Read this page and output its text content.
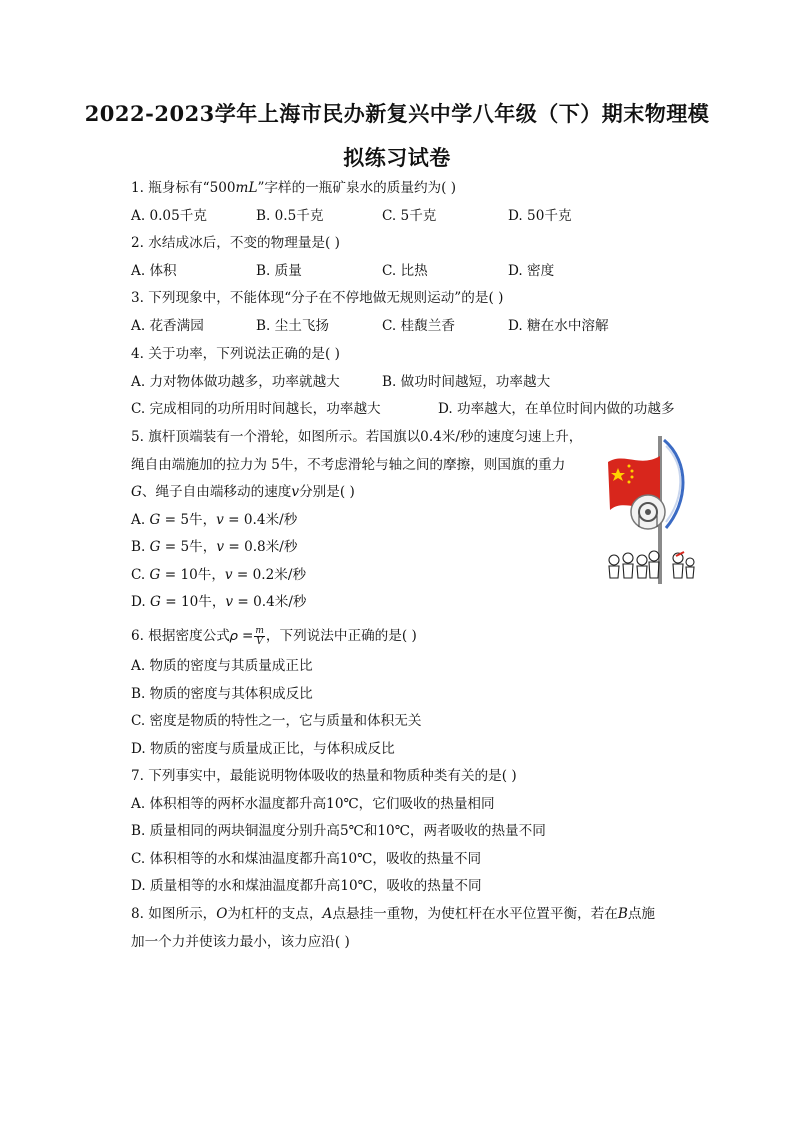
2022-2023学年上海市民办新复兴中学八年级（下）期末物理模
拟练习试卷
1. 瓶身标有“500𝑚𝐿”字样的一瓶矿泉水的质量约为( )
A. 0.05千克	B. 0.5千克	C. 5千克	D. 50千克
2. 水结成冰后，不变的物理量是( )
A. 体积	B. 质量	C. 比热	D. 密度
3. 下列现象中，不能体现“分子在不停地做无规则运动”的是( )
A. 花香满园	B. 尘土飞扬	C. 桂馥兰香	D. 糖在水中溶解
4. 关于功率，下列说法正确的是( )
A. 力对物体做功越多，功率就越大	B. 做功时间越短，功率越大
C. 完成相同的功所用时间越长，功率越大	D. 功率越大，在单位时间内做的功越多
5. 旗杆顶端装有一个滑轮，如图所示。若国旗以0.4米/秒的速度匀速上升，
绳自由端施加的拉力为 5牛，不考虑滑轮与轴之间的摩擦，则国旗的重力
𝐺、绳子自由端移动的速度𝑣分别是( )
A. 𝐺 = 5牛，𝑣 = 0.4米/秒
B. 𝐺 = 5牛，𝑣 = 0.8米/秒
C. 𝐺 = 10牛，𝑣 = 0.2米/秒
D. 𝐺 = 10牛，𝑣 = 0.4米/秒
6. 根据密度公式𝜌 = $\frac{\text{𝑚}}{\text{𝑉}}$ ，下列说法中正确的是( )
A. 物质的密度与其质量成正比
B. 物质的密度与其体积成反比
C. 密度是物质的特性之一，它与质量和体积无关
D. 物质的密度与质量成正比，与体积成反比
7. 下列事实中，最能说明物体吸收的热量和物质种类有关的是( )
A. 体积相等的两杯水温度都升高10℃，它们吸收的热量相同
B. 质量相同的两块铜温度分别升高5℃和10℃，两者吸收的热量不同
C. 体积相等的水和煤油温度都升高10℃，吸收的热量不同
D. 质量相等的水和煤油温度都升高10℃，吸收的热量不同
8. 如图所示，𝑂为杠杆的支点，𝐴点悬挂一重物，为使杠杆在水平位置平衡，若在𝐵点施
加一个力并使该力最小，该力应沿( )
